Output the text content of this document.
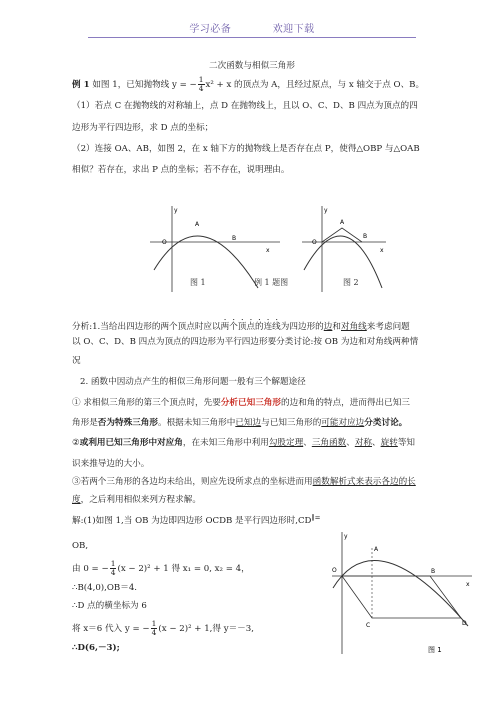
学习必备	欢迎下载
二次函数与相似三角形
例 1 如图 1，已知抛物线 y = − $\frac{1}{4} x^2 + x$ 的顶点为 A，且经过原点，与 x 轴交于点 O、B。
（1）若点 C 在抛物线的对称轴上，点 D 在抛物线上，且以 O、C、D、B 四点为顶点的四
边形为平行四边形，求 D 点的坐标；
（2）连接 OA、AB，如图 2，在 x 轴下方的抛物线上是否存在点 P，使得△OBP 与△OAB
相似？若存在，求出 P 点的坐标；若不存在，说明理由。
y
O
A
B
x
y
O
A
B
x
图 1	例 1 题图	图 2
分析:1.当给出四边形的两个顶点时应以两个顶点的连线为四边形的边和对角线来考虑问题
以 O、C、D、B 四点为顶点的四边形为平行四边形要分类讨论:按 OB 为边和对角线两种情
况
2. 函数中因动点产生的相似三角形问题一般有三个解题途径
① 求相似三角形的第三个顶点时，先要分析已知三角形的边和角的特点，进而得出已知三
角形是否为特殊三角形。根据未知三角形中已知边与已知三角形的可能对应边分类讨论。
②或利用已知三角形中对应角，在未知三角形中利用勾股定理、三角函数、对称、旋转等知
识来推导边的大小。
③若两个三角形的各边均未给出，则应先设所求点的坐标进而用函数解析式来表示各边的长
度，之后利用相似来列方程求解。
解:(1)如图 1,当 OB 为边即四边形 OCDB 是平行四边形时,CD∥=
OB,
由 0 = − $\frac{1}{4} (x - 2)^2 + 1$ 得 x₁ = 0, x₂ = 4，
∴B(4,0),OB＝4.
∴D 点的横坐标为 6
将 x＝6 代入 y = − $\frac{1}{4} (x - 2)^2 + 1$,得 y＝－3,
∴D(6,－3);
y
O
A
B
x
C	D
图 1
